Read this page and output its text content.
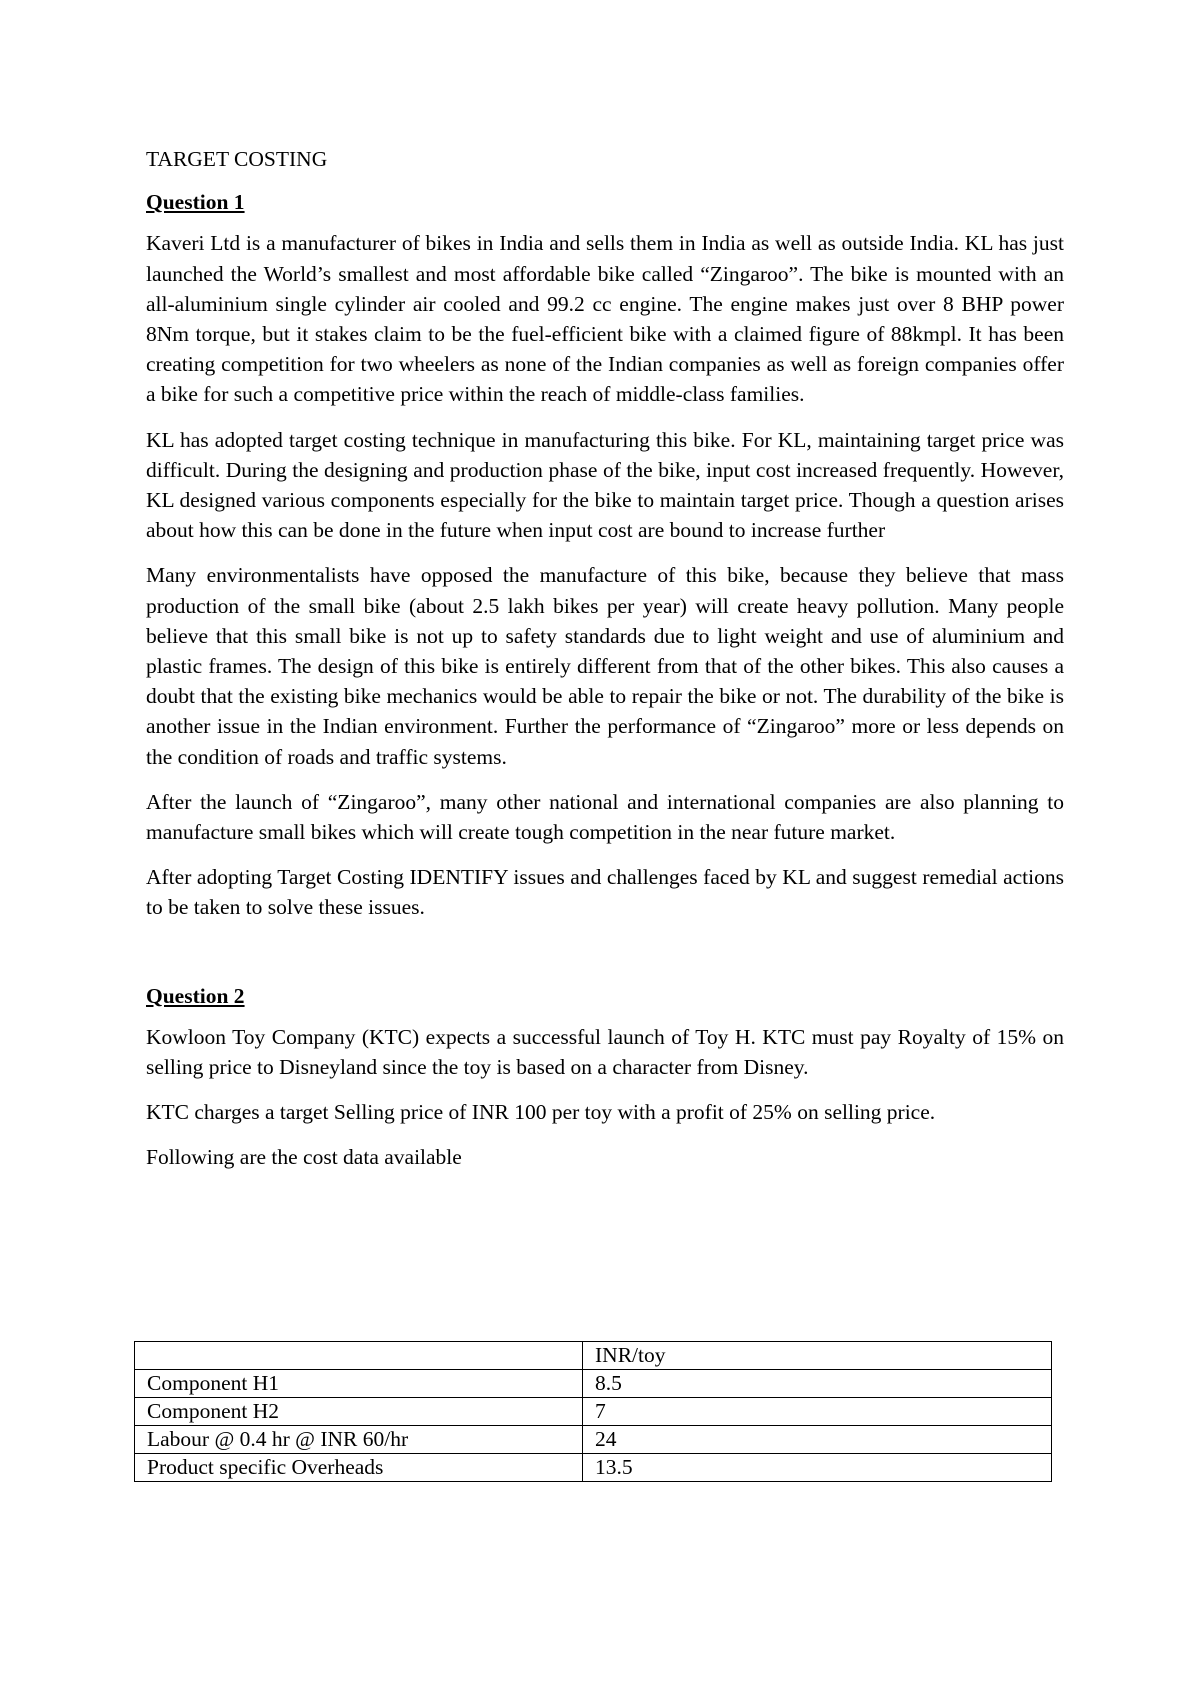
TARGET COSTING

Question 1

Kaveri Ltd is a manufacturer of bikes in India and sells them in India as well as outside India. KL has just launched the World’s smallest and most affordable bike called “Zingaroo”. The bike is mounted with an all-aluminium single cylinder air cooled and 99.2 cc engine. The engine makes just over 8 BHP power 8Nm torque, but it stakes claim to be the fuel-efficient bike with a claimed figure of 88kmpl. It has been creating competition for two wheelers as none of the Indian companies as well as foreign companies offer a bike for such a competitive price within the reach of middle-class families.

KL has adopted target costing technique in manufacturing this bike. For KL, maintaining target price was difficult. During the designing and production phase of the bike, input cost increased frequently. However, KL designed various components especially for the bike to maintain target price. Though a question arises about how this can be done in the future when input cost are bound to increase further

Many environmentalists have opposed the manufacture of this bike, because they believe that mass production of the small bike (about 2.5 lakh bikes per year) will create heavy pollution. Many people believe that this small bike is not up to safety standards due to light weight and use of aluminium and plastic frames. The design of this bike is entirely different from that of the other bikes. This also causes a doubt that the existing bike mechanics would be able to repair the bike or not. The durability of the bike is another issue in the Indian environment. Further the performance of “Zingaroo” more or less depends on the condition of roads and traffic systems.

After the launch of “Zingaroo”, many other national and international companies are also planning to manufacture small bikes which will create tough competition in the near future market.

After adopting Target Costing IDENTIFY issues and challenges faced by KL and suggest remedial actions to be taken to solve these issues.

Question 2

Kowloon Toy Company (KTC) expects a successful launch of Toy H. KTC must pay Royalty of 15% on selling price to Disneyland since the toy is based on a character from Disney.

KTC charges a target Selling price of INR 100 per toy with a profit of 25% on selling price.

Following are the cost data available

	INR/toy
Component H1	8.5
Component H2	7
Labour @ 0.4 hr @ INR 60/hr	24
Product specific Overheads	13.5
